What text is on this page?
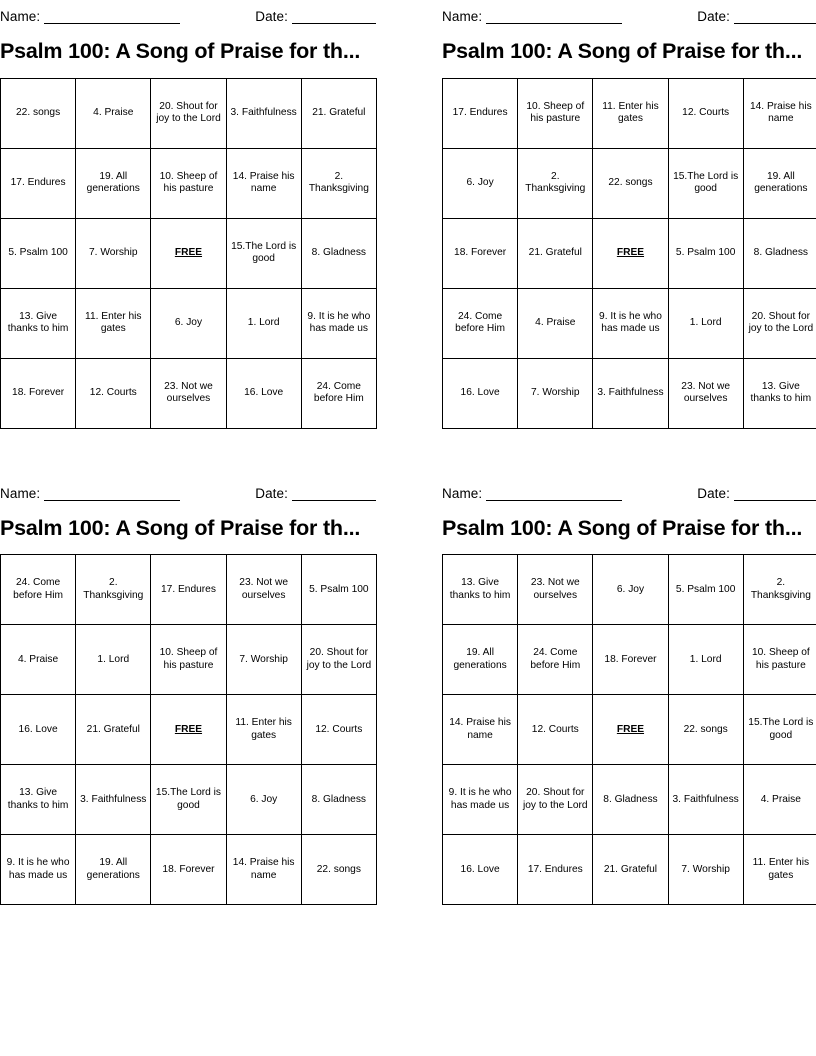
Name:	Date:
Psalm 100: A Song of Praise for th...
22. songs	4. Praise	20. Shout for joy to the Lord	3. Faithfulness	21. Grateful
17. Endures	19. All generations	10. Sheep of his pasture	14. Praise his name	2. Thanksgiving
5. Psalm 100	7. Worship	FREE	15.The Lord is good	8. Gladness
13. Give thanks to him	11. Enter his gates	6. Joy	1. Lord	9. It is he who has made us
18. Forever	12. Courts	23. Not we ourselves	16. Love	24. Come before Him
Name:	Date:
Psalm 100: A Song of Praise for th...
17. Endures	10. Sheep of his pasture	11. Enter his gates	12. Courts	14. Praise his name
6. Joy	2. Thanksgiving	22. songs	15.The Lord is good	19. All generations
18. Forever	21. Grateful	FREE	5. Psalm 100	8. Gladness
24. Come before Him	4. Praise	9. It is he who has made us	1. Lord	20. Shout for joy to the Lord
16. Love	7. Worship	3. Faithfulness	23. Not we ourselves	13. Give thanks to him
Name:	Date:
Psalm 100: A Song of Praise for th...
24. Come before Him	2. Thanksgiving	17. Endures	23. Not we ourselves	5. Psalm 100
4. Praise	1. Lord	10. Sheep of his pasture	7. Worship	20. Shout for joy to the Lord
16. Love	21. Grateful	FREE	11. Enter his gates	12. Courts
13. Give thanks to him	3. Faithfulness	15.The Lord is good	6. Joy	8. Gladness
9. It is he who has made us	19. All generations	18. Forever	14. Praise his name	22. songs
Name:	Date:
Psalm 100: A Song of Praise for th...
13. Give thanks to him	23. Not we ourselves	6. Joy	5. Psalm 100	2. Thanksgiving
19. All generations	24. Come before Him	18. Forever	1. Lord	10. Sheep of his pasture
14. Praise his name	12. Courts	FREE	22. songs	15.The Lord is good
9. It is he who has made us	20. Shout for joy to the Lord	8. Gladness	3. Faithfulness	4. Praise
16. Love	17. Endures	21. Grateful	7. Worship	11. Enter his gates
